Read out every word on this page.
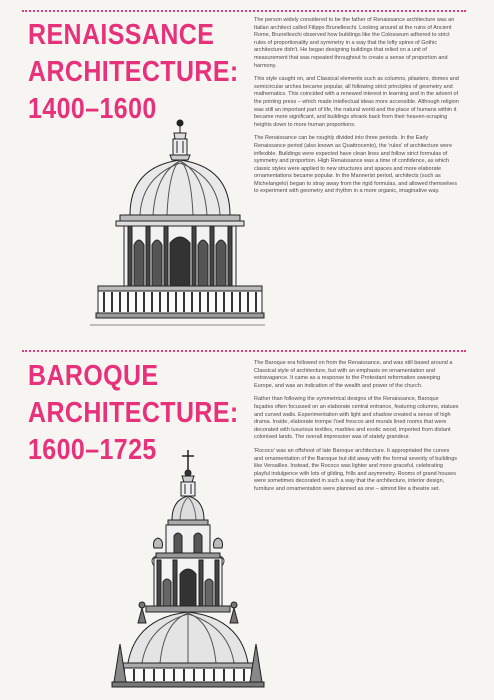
RENAISSANCE
ARCHITECTURE:
1400–1600

The person widely considered to be the father of Renaissance architecture was an Italian architect called Filippo Brunelleschi. Looking around at the ruins of Ancient Rome, Brunelleschi observed how buildings like the Colosseum adhered to strict rules of proportionality and symmetry in a way that the lofty spires of Gothic architecture didn't. He began designing buildings that relied on a unit of measurement that was repeated throughout to create a sense of proportion and harmony.

This style caught on, and Classical elements such as columns, pilasters, domes and semicircular arches became popular, all following strict principles of geometry and mathematics. This coincided with a renewed interest in learning and in the advent of the printing press – which made intellectual ideas more accessible. Although religion was still an important part of life, the natural world and the place of humans within it became more significant, and buildings shrank back from their heaven-scraping heights down to more human proportions.

The Renaissance can be roughly divided into three periods. In the Early Renaissance period (also known as Quattrocento), the 'rules' of architecture were inflexible. Buildings were expected have clean lines and follow strict formulas of symmetry and proportion. High Renaissance was a time of confidence, as which classic styles were applied to new structures and spaces and more elaborate ornamentations became popular. In the Mannerist period, architects (such as Michelangelo) began to stray away from the rigid formulas, and allowed themselves to experiment with geometry and rhythm in a more organic, imaginative way.

BAROQUE
ARCHITECTURE:
1600–1725

The Baroque era followed on from the Renaissance, and was still based around a Classical style of architecture, but with an emphasis on ornamentation and extravagance. It came as a response to the Protestant reformation sweeping Europe, and was an indication of the wealth and power of the church.

Rather than following the symmetrical designs of the Renaissance, Baroque façades often focussed on an elaborate central entrance, featuring columns, statues and curved walls. Experimentation with light and shadow created a sense of high drama. Inside, elaborate trompe l'oeil frescos and murals lined rooms that were decorated with luxurious textiles, marbles and exotic wood, imported from distant colonised lands. The overall impression was of stately grandeur.

'Rococo' was an offshoot of late Baroque architecture. It appropriated the curves and ornamentation of the Baroque but did away with the formal severity of buildings like Versailles. Instead, the Rococo was lighter and more graceful, celebrating playful indulgence with lots of gilding, frills and asymmetry. Rooms of grand houses were sometimes decorated in such a way that the architecture, interior design, furniture and ornamentation were planned as one – almost like a theatre set.
